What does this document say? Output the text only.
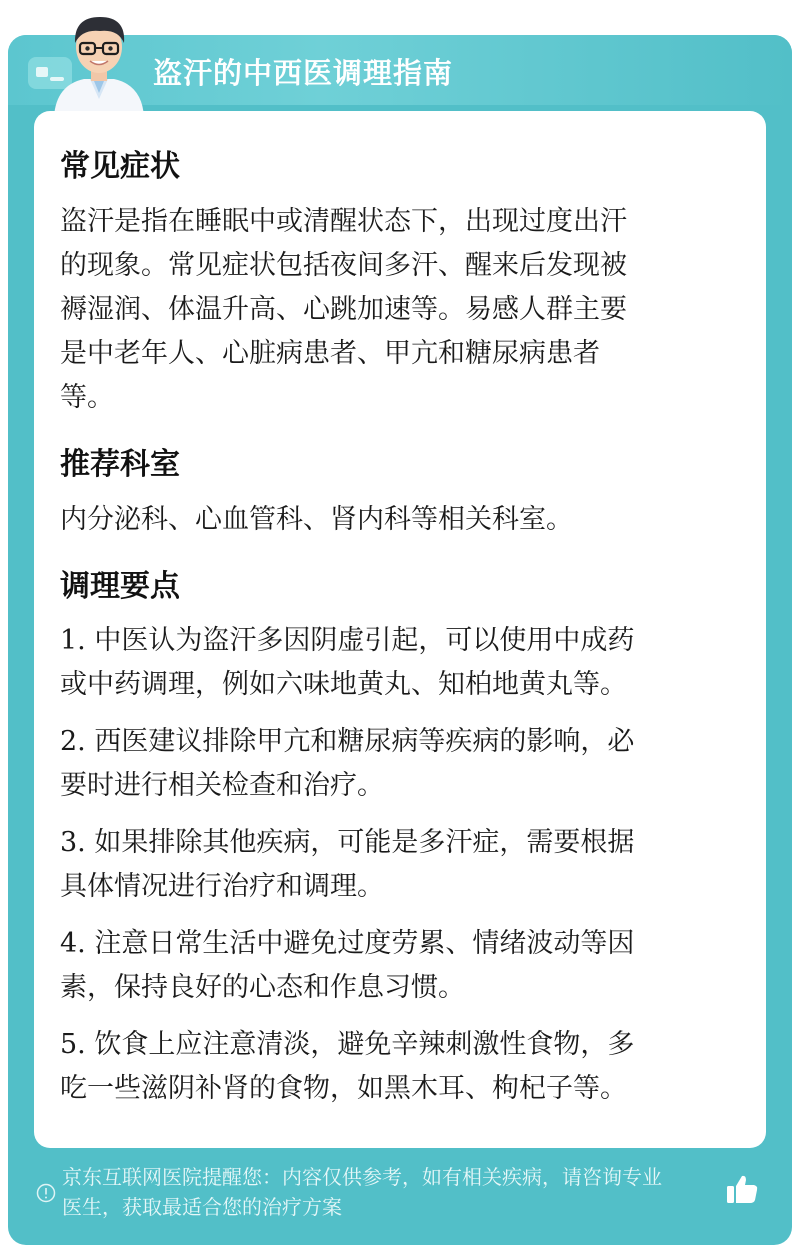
盗汗的中西医调理指南
常见症状
盗汗是指在睡眠中或清醒状态下，出现过度出汗
的现象。常见症状包括夜间多汗、醒来后发现被
褥湿润、体温升高、心跳加速等。易感人群主要
是中老年人、心脏病患者、甲亢和糖尿病患者
等。
推荐科室
内分泌科、心血管科、肾内科等相关科室。
调理要点
1. 中医认为盗汗多因阴虚引起，可以使用中成药
或中药调理，例如六味地黄丸、知柏地黄丸等。
2. 西医建议排除甲亢和糖尿病等疾病的影响，必
要时进行相关检查和治疗。
3. 如果排除其他疾病，可能是多汗症，需要根据
具体情况进行治疗和调理。
4. 注意日常生活中避免过度劳累、情绪波动等因
素，保持良好的心态和作息习惯。
5. 饮食上应注意清淡，避免辛辣刺激性食物，多
吃一些滋阴补肾的食物，如黑木耳、枸杞子等。
京东互联网医院提醒您：内容仅供参考，如有相关疾病，请咨询专业
医生，获取最适合您的治疗方案
